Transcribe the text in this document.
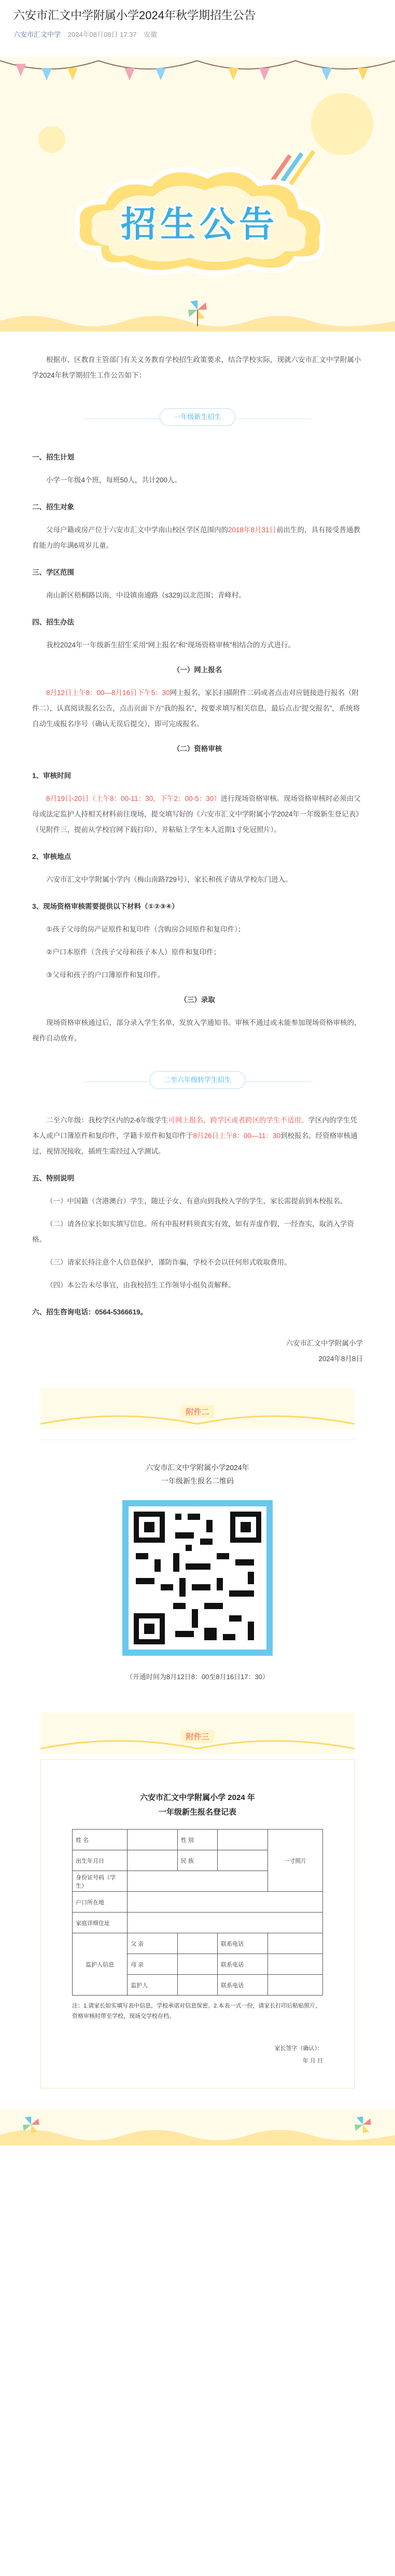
六安市汇文中学附属小学2024年秋学期招生公告
六安市汇文中学 2024年08月08日 17:37 安徽
招生公告

根据市、区教育主管部门有关义务教育学校招生政策要求，结合学校实际，现就六安市汇文中学附属小学2024年秋学期招生工作公告如下：

一年级新生招生

一、招生计划

小学一年级4个班，每班50人，共计200人。

二、招生对象

父母户籍或房产位于六安市汇文中学南山校区学区范围内的2018年8月31日前出生的，具有接受普通教育能力的年满6周岁儿童。

三、学区范围

南山新区梧桐路以南，中设镇南通路（s329)以北范围；青峰村。

四、招生办法

我校2024年一年级新生招生采用“网上报名”和“现场资格审核”相结合的方式进行。

（一）网上报名

8月12日上午8：00—8月16日下午5：30网上报名，家长扫描附件二码或者点击对应链接进行报名（附件二），认真阅读报名公告，点击页面下方“我的报名”，按要求填写相关信息，最后点击“提交报名”，系统将自动生成报名序号（确认无误后提交），即可完成报名。

（二）资格审核

1、审核时间

8月19日-20日（上午8：00-11：30，下午2：00-5：30）进行现场资格审核。现场资格审核时必须由父母或法定监护人持相关材料前往现场，提交填写好的《六安市汇文中学附属小学2024年一年级新生登记表》（见附件三，提前从学校官网下载打印），并粘贴上学生本人近期1寸免冠照片）。

2、审核地点

六安市汇文中学附属小学内（梅山南路729号），家长和孩子请从学校东门进入。

3、现场资格审核需要提供以下材料（①②③④）

①孩子父母的房产证原件和复印件（含购房合同原件和复印件）；

②户口本原件（含孩子父母和孩子本人）原件和复印件；

③父母和孩子的户口簿原件和复印件。

（三）录取

现场资格审核通过后，部分录入学生名单，发放入学通知书。审核不通过或未能参加现场资格审核的，视作自动放弃。

二至六年级转学生招生

二至六年级：我校学区内的2-6年级学生可网上报名，跨学区或者跨区的学生不适用。学区内的学生凭本人或户口簿原件和复印件，学籍卡原件和复印件于8月26日上午8：00—11：30到校报名。经资格审核通过，视情况接收，插班生需经过入学测试。

五、特别说明

（一）中国籍（含港澳台）学生，随迁子女、有意向到我校入学的学生，家长需提前到本校报名。

（二）请各位家长如实填写信息。所有申报材料须真实有效，如有弄虚作假，一经查实，取消入学资格。

（三）请家长持注意个人信息保护，谨防诈骗，学校不会以任何形式收取费用。

（四）本公告未尽事宜，由我校招生工作领导小组负责解释。

六、招生咨询电话：0564-5366619。

六安市汇文中学附属小学

2024年8月8日

附件二
六安市汇文中学附属小学2024年
一年级新生报名二维码
（开通时间为8月12日8：00至8月16日17：30）
附件三
六安市汇文中学附属小学 2024 年
一年级新生报名登记表
姓 名		性 别		一寸照片
出生年月日		民 族		
身份证号码（学生）				
户口所在地				
家庭详细住址				
监护人信息	父 亲		联系电话	
	母 亲		联系电话	
	监护人		联系电话	
注：1.请家长如实填写表中信息，学校承诺对信息保密。2.本表一式一份，请家长打印后粘贴照片，资格审核时带至学校，现场交学校存档。
家长签字（确认）：
年 月 日
